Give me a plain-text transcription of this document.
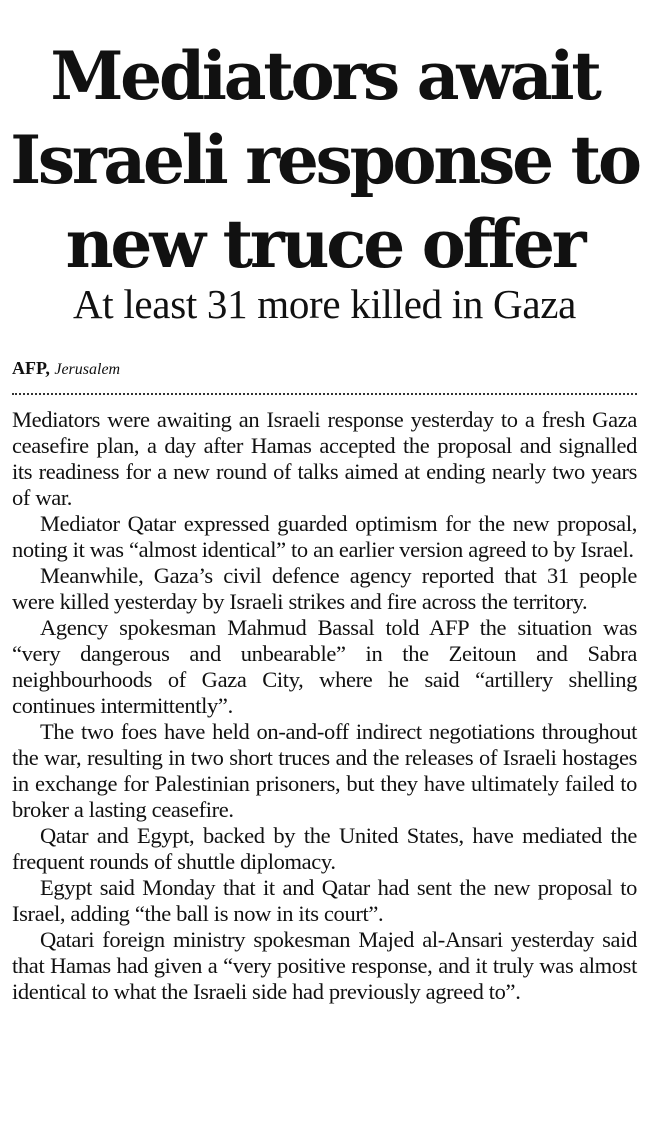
Mediators await
Israeli response to
new truce offer
At least 31 more killed in Gaza
AFP, Jerusalem

Mediators were awaiting an Israeli response yesterday to a fresh Gaza ceasefire plan, a day after Hamas accepted the proposal and signalled its readiness for a new round of talks aimed at ending nearly two years of war.

Mediator Qatar expressed guarded optimism for the new proposal, noting it was “almost identical” to an earlier version agreed to by Israel.

Meanwhile, Gaza’s civil defence agency reported that 31 people were killed yesterday by Israeli strikes and fire across the territory.

Agency spokesman Mahmud Bassal told AFP the situation was “very dangerous and unbearable” in the Zeitoun and Sabra neighbourhoods of Gaza City, where he said “artillery shelling continues intermittently”.

The two foes have held on-and-off indirect negotiations throughout the war, resulting in two short truces and the releases of Israeli hostages in exchange for Palestinian prisoners, but they have ultimately failed to broker a lasting ceasefire.

Qatar and Egypt, backed by the United States, have mediated the frequent rounds of shuttle diplomacy.

Egypt said Monday that it and Qatar had sent the new proposal to Israel, adding “the ball is now in its court”.

Qatari foreign ministry spokesman Majed al-Ansari yesterday said that Hamas had given a “very positive response, and it truly was almost identical to what the Israeli side had previously agreed to”.
